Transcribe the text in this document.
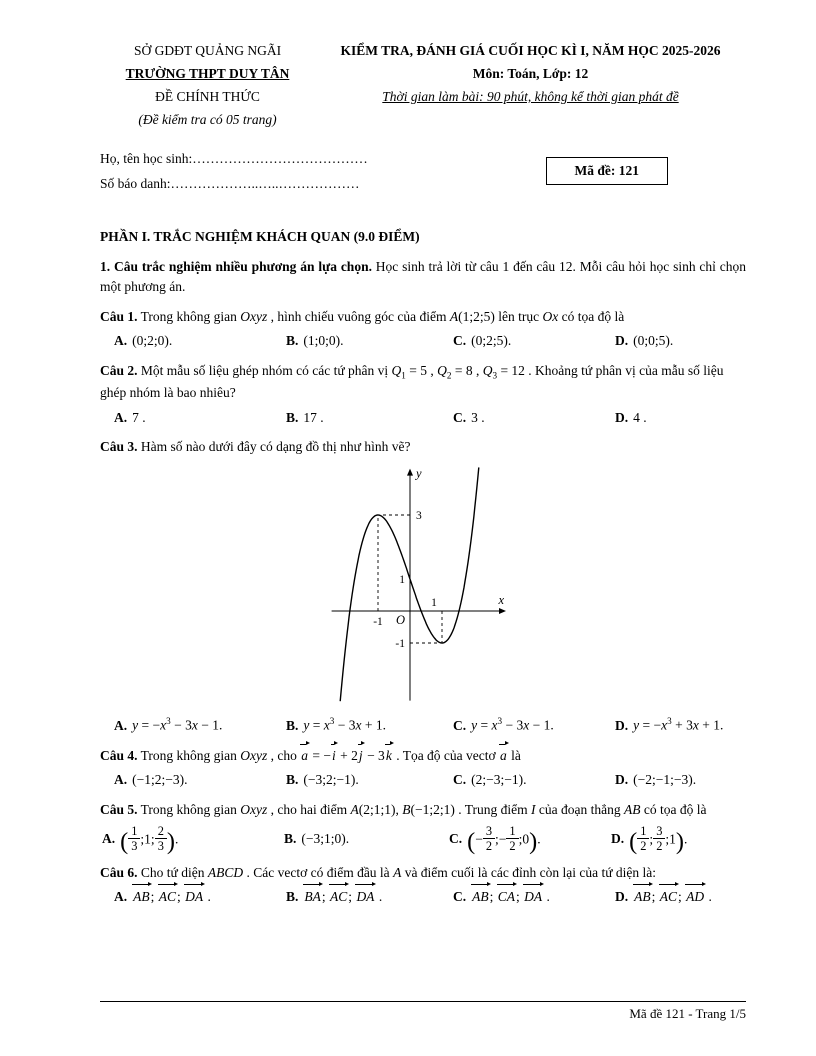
SỞ GDĐT QUẢNG NGÃI
TRƯỜNG THPT DUY TÂN
ĐỀ CHÍNH THỨC
(Đề kiểm tra có 05 trang)
KIỂM TRA, ĐÁNH GIÁ CUỐI HỌC KÌ I, NĂM HỌC 2025-2026
Môn: Toán, Lớp: 12
Thời gian làm bài: 90 phút, không kể thời gian phát đề
Họ, tên học sinh:…………………………………
Số báo danh:………………..…..………………
Mã đề: 121
PHẦN I. TRẮC NGHIỆM KHÁCH QUAN (9.0 ĐIỂM)

1. Câu trắc nghiệm nhiều phương án lựa chọn. Học sinh trả lời từ câu 1 đến câu 12. Mỗi câu hỏi học sinh chỉ chọn một phương án.

Câu 1. Trong không gian Oxyz , hình chiếu vuông góc của điểm A(1;2;5) lên trục Ox có tọa độ là

A. (0;2;0).	B. (1;0;0).	C. (0;2;5).	D. (0;0;5).

Câu 2. Một mẫu số liệu ghép nhóm có các tứ phân vị $Q_1 = 5$ , $Q_2 = 8$ , $Q_3 = 12$ . Khoảng tứ phân vị của mẫu số liệu ghép nhóm là bao nhiêu?

A. 7 .	B. 17 .	C. 3 .	D. 4 .

Câu 3. Hàm số nào dưới đây có dạng đồ thị như hình vẽ?

y
x
O
3
1
-1
-1
1
A. $y = -x^3 - 3x - 1$.	B. $y = x^3 - 3x + 1$.	C. $y = x^3 - 3x - 1$.	D. $y = -x^3 + 3x + 1$.

Câu 4. Trong không gian Oxyz , cho a = −i + 2j − 3k . Tọa độ của vectơ a là

A. (−1;2;−3).	B. (−3;2;−1).	C. (2;−3;−1).	D. (−2;−1;−3).

Câu 5. Trong không gian Oxyz , cho hai điểm A(2;1;1), B(−1;2;1) . Trung điểm I của đoạn thẳng AB có tọa độ là

A. ( $\frac{1}{3}$ ;1; $\frac{2}{3}$ ).	B. (−3;1;0).	C. (− $\frac{3}{2}$ ;− $\frac{1}{2}$ ;0).	D. ( $\frac{1}{2}$ ; $\frac{3}{2}$ ;1).

Câu 6. Cho tứ diện ABCD . Các vectơ có điểm đầu là A và điểm cuối là các đỉnh còn lại của tứ diện là:

A. AB; AC; DA .	B. BA; AC; DA .	C. AB; CA; DA .	D. AB; AC; AD .
Mã đề 121 - Trang 1/5
